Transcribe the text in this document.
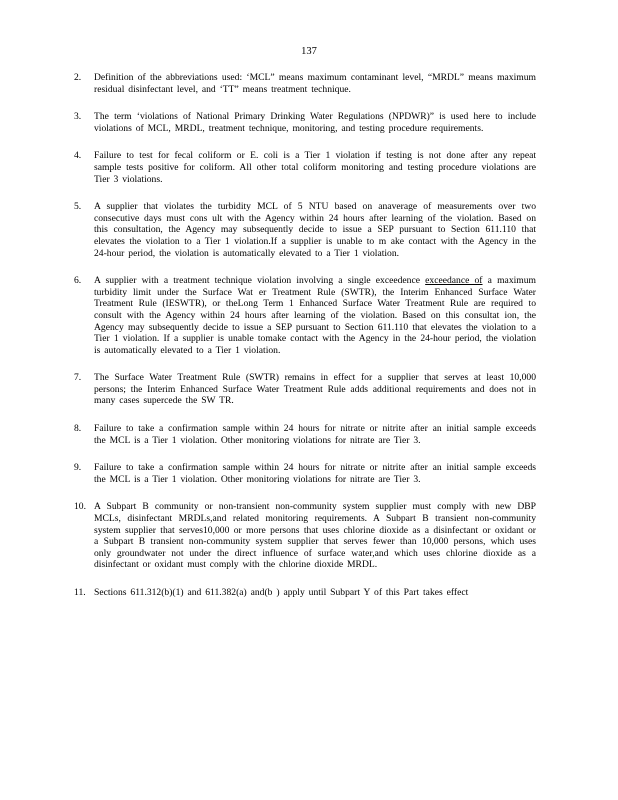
137
2.	Definition of the abbreviations used: ‘MCL” means maximum contaminant level, “MRDL” means maximum residual disinfectant level, and ‘TT” means treatment technique.
3.	The term ‘violations of National Primary Drinking Water Regulations (NPDWR)” is used here to include violations of MCL, MRDL, treatment technique, monitoring, and testing procedure requirements.
4.	Failure to test for fecal coliform or E. coli is a Tier 1 violation if testing is not done after any repeat sample tests positive for coliform. All other total coliform monitoring and testing procedure violations are Tier 3 violations.
5.	A supplier that violates the turbidity MCL of 5 NTU based on anaverage of measurements over two consecutive days must cons ult with the Agency within 24 hours after learning of the violation. Based on this consultation, the Agency may subsequently decide to issue a SEP pursuant to Section 611.110 that elevates the violation to a Tier 1 violation.If a supplier is unable to m ake contact with the Agency in the 24-hour period, the violation is automatically elevated to a Tier 1 violation.
6.	A supplier with a treatment technique violation involving a single exceedence exceedance of a maximum turbidity limit under the Surface Wat er Treatment Rule (SWTR), the Interim Enhanced Surface Water Treatment Rule (IESWTR), or theLong Term 1 Enhanced Surface Water Treatment Rule are required to consult with the Agency within 24 hours after learning of the violation. Based on this consultat ion, the Agency may subsequently decide to issue a SEP pursuant to Section 611.110 that elevates the violation to a Tier 1 violation. If a supplier is unable tomake contact with the Agency in the 24-hour period, the violation is automatically elevated to a Tier 1 violation.
7.	The Surface Water Treatment Rule (SWTR) remains in effect for a supplier that serves at least 10,000 persons; the Interim Enhanced Surface Water Treatment Rule adds additional requirements and does not in many cases supercede the SW TR.
8.	Failure to take a confirmation sample within 24 hours for nitrate or nitrite after an initial sample exceeds the MCL is a Tier 1 violation. Other monitoring violations for nitrate are Tier 3.
9.	Failure to take a confirmation sample within 24 hours for nitrate or nitrite after an initial sample exceeds the MCL is a Tier 1 violation. Other monitoring violations for nitrate are Tier 3.
10. A Subpart B community or non-transient non-community system supplier must comply with new DBP MCLs, disinfectant MRDLs,and related monitoring requirements. A Subpart B transient non-community system supplier that serves10,000 or more persons that uses chlorine dioxide as a disinfectant or oxidant or a Subpart B transient non-community system supplier that serves fewer than 10,000 persons, which uses only groundwater not under the direct influence of surface water,and which uses chlorine dioxide as a disinfectant or oxidant must comply with the chlorine dioxide MRDL.
11. Sections 611.312(b)(1) and 611.382(a) and(b ) apply until Subpart Y of this Part takes effect
